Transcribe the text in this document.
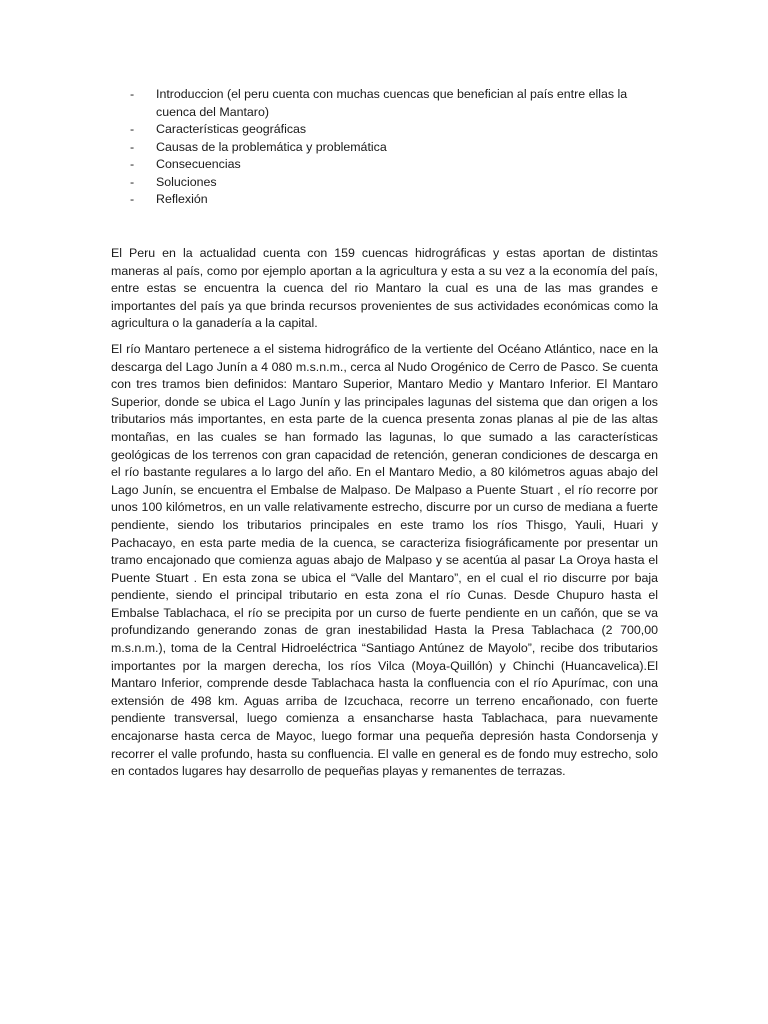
- Introduccion (el peru cuenta con muchas cuencas que benefician al país entre ellas la cuenca del Mantaro)
- Características geográficas
- Causas de la problemática y problemática
- Consecuencias
- Soluciones
- Reflexión

El Peru en la actualidad cuenta con 159 cuencas hidrográficas y estas aportan de distintas maneras al país, como por ejemplo aportan a la agricultura y esta a su vez a la economía del país, entre estas se encuentra la cuenca del rio Mantaro la cual es una de las mas grandes e importantes del país ya que brinda recursos provenientes de sus actividades económicas como la agricultura o la ganadería a la capital.

El río Mantaro pertenece a el sistema hidrográfico de la vertiente del Océano Atlántico, nace en la descarga del Lago Junín a 4 080 m.s.n.m., cerca al Nudo Orogénico de Cerro de Pasco. Se cuenta con tres tramos bien definidos: Mantaro Superior, Mantaro Medio y Mantaro Inferior. El Mantaro Superior, donde se ubica el Lago Junín y las principales lagunas del sistema que dan origen a los tributarios más importantes, en esta parte de la cuenca presenta zonas planas al pie de las altas montañas, en las cuales se han formado las lagunas, lo que sumado a las características geológicas de los terrenos con gran capacidad de retención, generan condiciones de descarga en el río bastante regulares a lo largo del año. En el Mantaro Medio, a 80 kilómetros aguas abajo del Lago Junín, se encuentra el Embalse de Malpaso. De Malpaso a Puente Stuart , el río recorre por unos 100 kilómetros, en un valle relativamente estrecho, discurre por un curso de mediana a fuerte pendiente, siendo los tributarios principales en este tramo los ríos Thisgo, Yauli, Huari y Pachacayo, en esta parte media de la cuenca, se caracteriza fisiográficamente por presentar un tramo encajonado que comienza aguas abajo de Malpaso y se acentúa al pasar La Oroya hasta el Puente Stuart . En esta zona se ubica el “Valle del Mantaro”, en el cual el rio discurre por baja pendiente, siendo el principal tributario en esta zona el río Cunas. Desde Chupuro hasta el Embalse Tablachaca, el río se precipita por un curso de fuerte pendiente en un cañón, que se va profundizando generando zonas de gran inestabilidad Hasta la Presa Tablachaca (2 700,00 m.s.n.m.), toma de la Central Hidroeléctrica “Santiago Antúnez de Mayolo”, recibe dos tributarios importantes por la margen derecha, los ríos Vilca (Moya-Quillón) y Chinchi (Huancavelica).El Mantaro Inferior, comprende desde Tablachaca hasta la confluencia con el río Apurímac, con una extensión de 498 km. Aguas arriba de Izcuchaca, recorre un terreno encañonado, con fuerte pendiente transversal, luego comienza a ensancharse hasta Tablachaca, para nuevamente encajonarse hasta cerca de Mayoc, luego formar una pequeña depresión hasta Condorsenja y recorrer el valle profundo, hasta su confluencia. El valle en general es de fondo muy estrecho, solo en contados lugares hay desarrollo de pequeñas playas y remanentes de terrazas.
